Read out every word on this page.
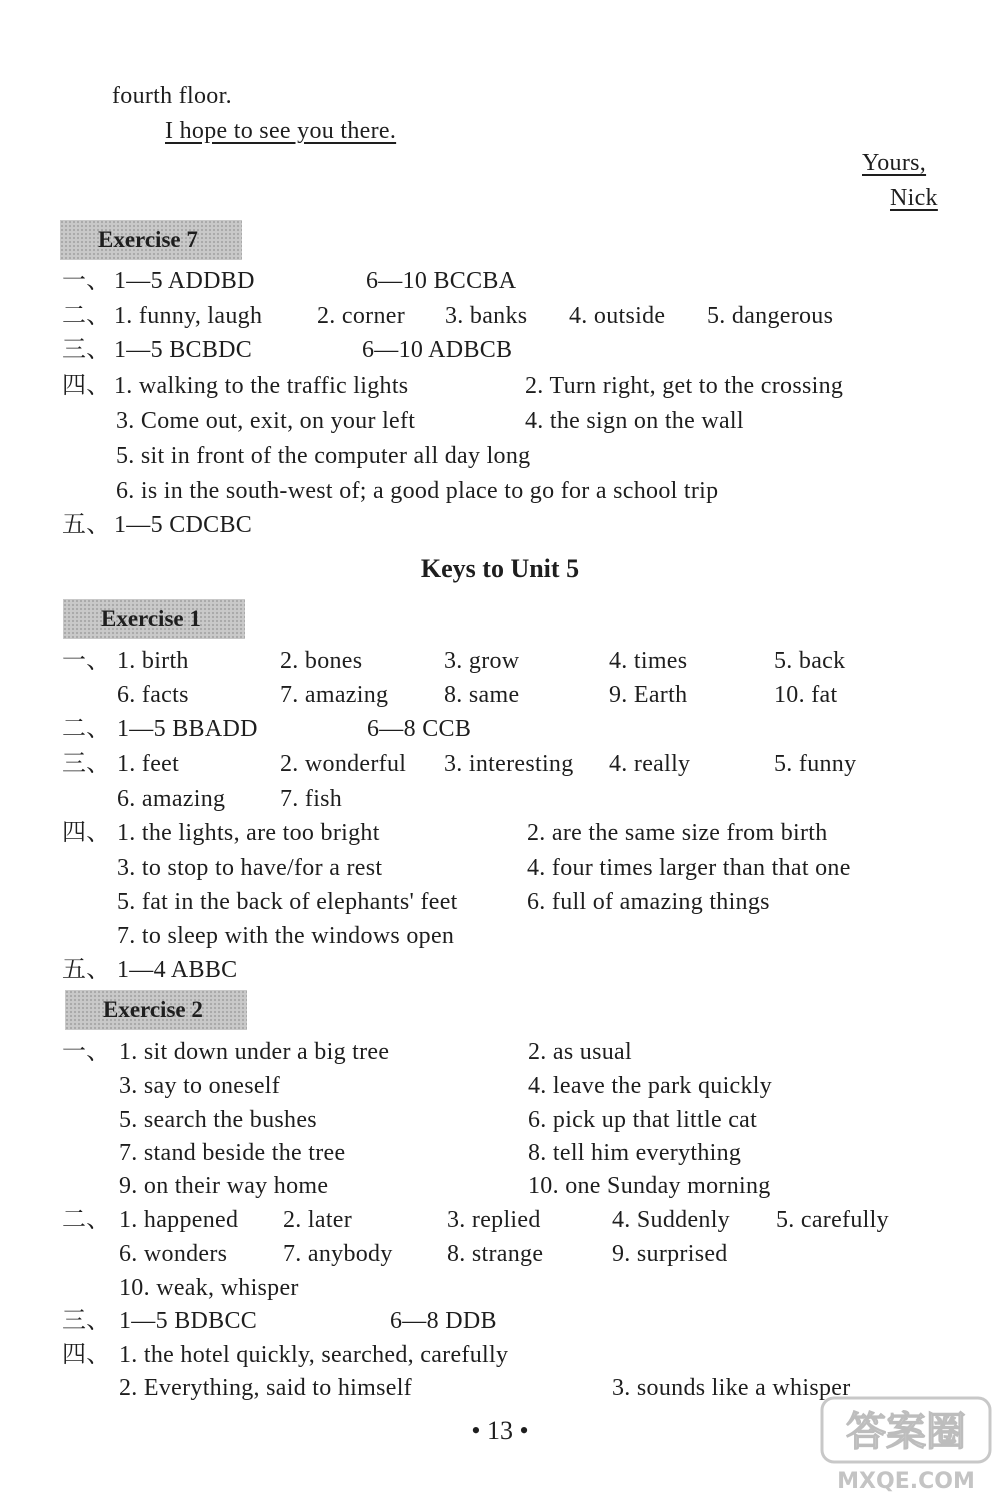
fourth floor.
I hope to see you there.
Yours,
Nick
Exercise 7
一、 1—5 ADDBD	6—10 BCCBA
二、 1. funny, laugh 2. corner 3. banks 4. outside 5. dangerous
三、 1—5 BCBDC	6—10 ADBCB
四、 1. walking to the traffic lights	2. Turn right, get to the crossing
3. Come out, exit, on your left	4. the sign on the wall
5. sit in front of the computer all day long
6. is in the south-west of; a good place to go for a school trip
五、 1—5 CDCBC
Keys to Unit 5
Exercise 1
一、 1. birth	2. bones	3. grow	4. times	5. back
6. facts	7. amazing 8. same	9. Earth	10. fat
二、 1—5 BBADD	6—8 CCB
三、 1. feet	2. wonderful 3. interesting 4. really	5. funny
6. amazing 7. fish
四、 1. the lights, are too bright	2. are the same size from birth
3. to stop to have/for a rest	4. four times larger than that one
5. fat in the back of elephants' feet	6. full of amazing things
7. to sleep with the windows open
五、 1—4 ABBC
Exercise 2
一、 1. sit down under a big tree	2. as usual
3. say to oneself	4. leave the park quickly
5. search the bushes	6. pick up that little cat
7. stand beside the tree	8. tell him everything
9. on their way home	10. one Sunday morning
二、 1. happened 2. later	3. replied	4. Suddenly 5. carefully
6. wonders 7. anybody 8. strange	9. surprised
10. weak, whisper
三、 1—5 BDBCC	6—8 DDB
四、 1. the hotel quickly, searched, carefully
2. Everything, said to himself	3. sounds like a whisper
• 13 •	答案圈
MXQE.COM
